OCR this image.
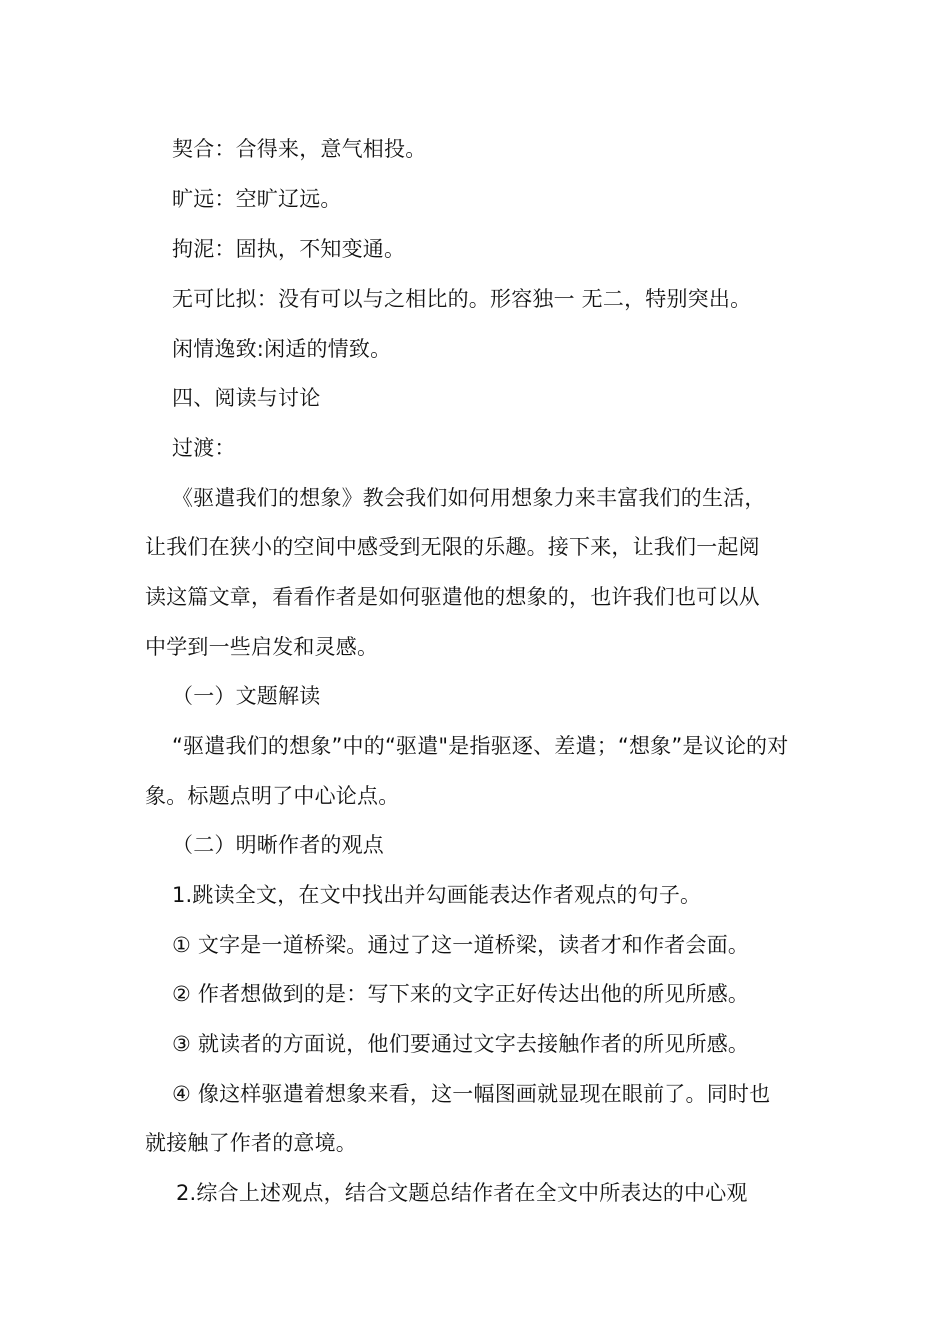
契合：合得来，意气相投。
旷远：空旷辽远。
拘泥：固执，不知变通。
无可比拟：没有可以与之相比的。形容独一 无二，特别突出。
闲情逸致:闲适的情致。
四、阅读与讨论
过渡：
《驱遣我们的想象》教会我们如何用想象力来丰富我们的生活，
让我们在狭小的空间中感受到无限的乐趣。接下来，让我们一起阅
读这篇文章，看看作者是如何驱遣他的想象的，也许我们也可以从
中学到一些启发和灵感。
（一）文题解读
“驱遣我们的想象”中的“驱遣"是指驱逐、差遣；“想象”是议论的对
象。标题点明了中心论点。
（二）明晰作者的观点
1.跳读全文，在文中找出并勾画能表达作者观点的句子。
① 文字是一道桥梁。通过了这一道桥梁，读者才和作者会面。
② 作者想做到的是：写下来的文字正好传达出他的所见所感。
③ 就读者的方面说，他们要通过文字去接触作者的所见所感。
④ 像这样驱遣着想象来看，这一幅图画就显现在眼前了。同时也
就接触了作者的意境。
2.综合上述观点，结合文题总结作者在全文中所表达的中心观
